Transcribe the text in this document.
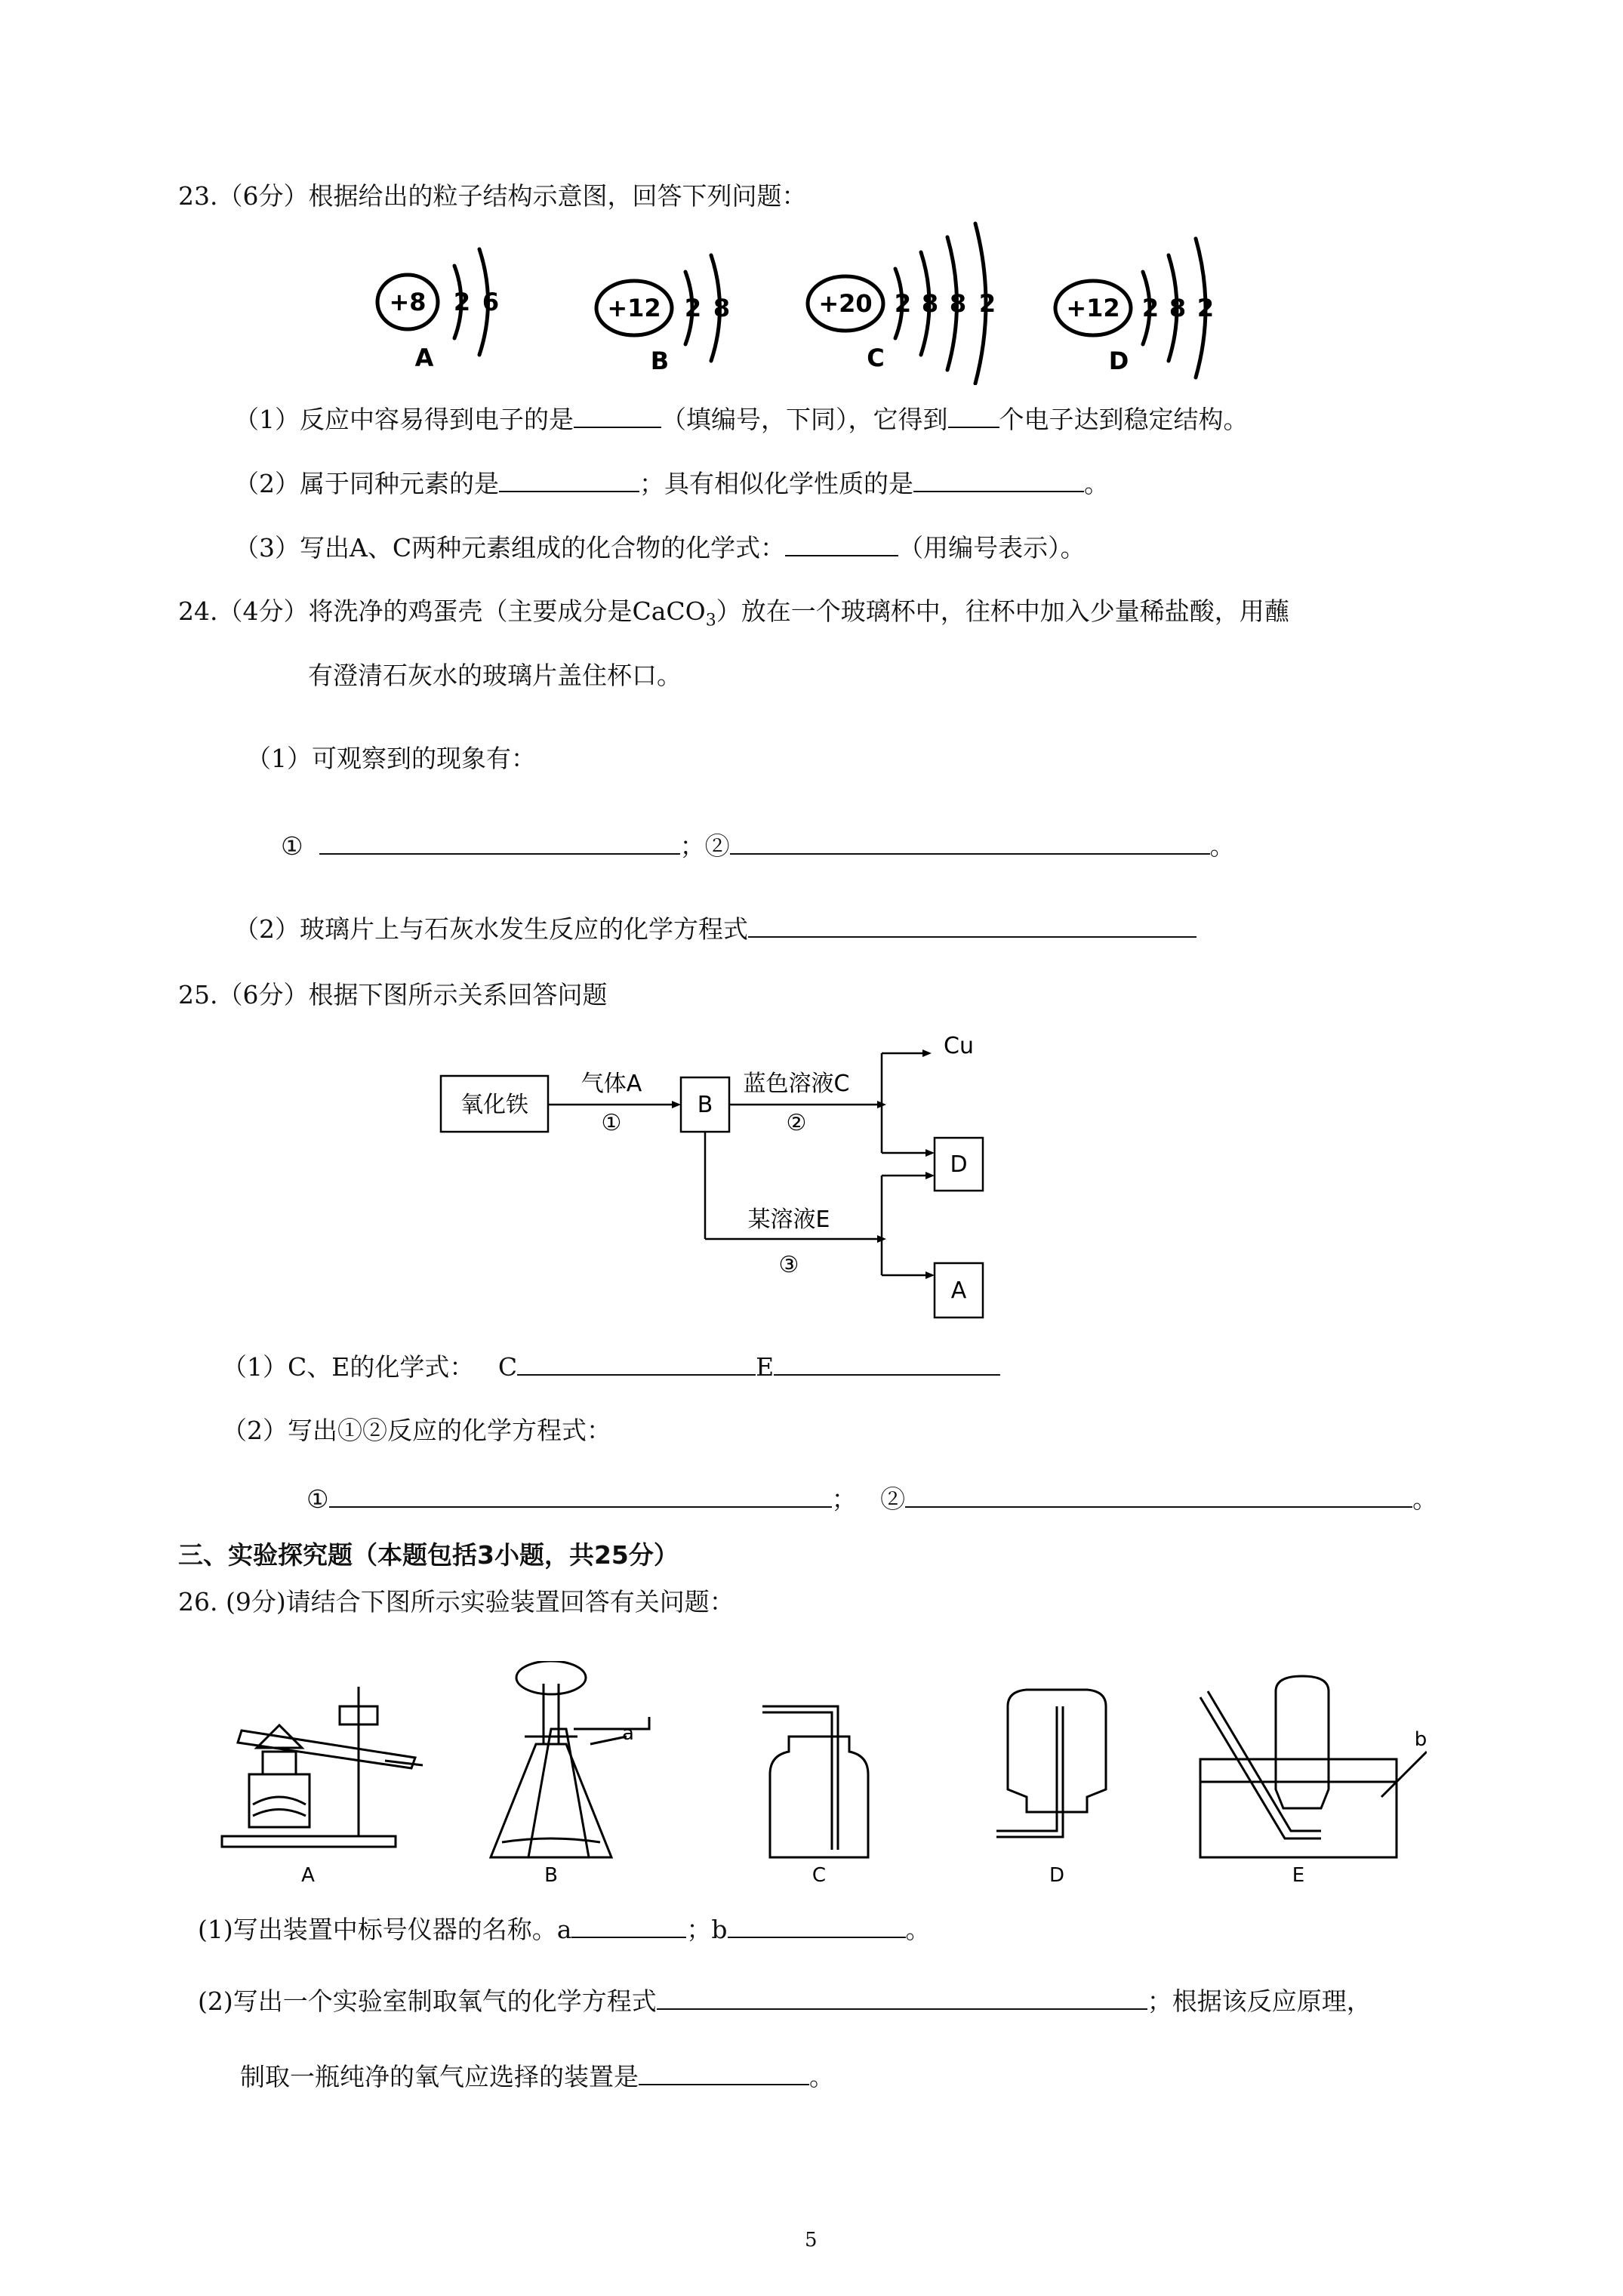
23.（6分）根据给出的粒子结构示意图，回答下列问题：
+8 2 6
A
+12 2 8
B
+20 2 8 8 2
C
+12 2 8 2
D
（1）反应中容易得到电子的是	（填编号，下同），它得到 个电子达到稳定结构。
（2）属于同种元素的是	；具有相似化学性质的是	。
（3）写出A、C两种元素组成的化合物的化学式：	（用编号表示）。
24.（4分）将洗净的鸡蛋壳（主要成分是CaCO$_3$）放在一个玻璃杯中，往杯中加入少量稀盐酸，用蘸
有澄清石灰水的玻璃片盖住杯口。
（1）可观察到的现象有：
①	；②	。
（2）玻璃片上与石灰水发生反应的化学方程式
25.（6分）根据下图所示关系回答问题
氧化铁
气体A
①
B
蓝色溶液C
②
Cu
D
某溶液E
③
A
（1）C、E的化学式： C	E
（2）写出①②反应的化学方程式：
①	； ②	。
三、实验探究题（本题包括3小题，共25分）
26. (9分)请结合下图所示实验装置回答有关问题：
a	b
A	B	C	D	E
(1)写出装置中标号仪器的名称。a	；b	。
(2)写出一个实验室制取氧气的化学方程式	；根据该反应原理，
制取一瓶纯净的氧气应选择的装置是	。
5
